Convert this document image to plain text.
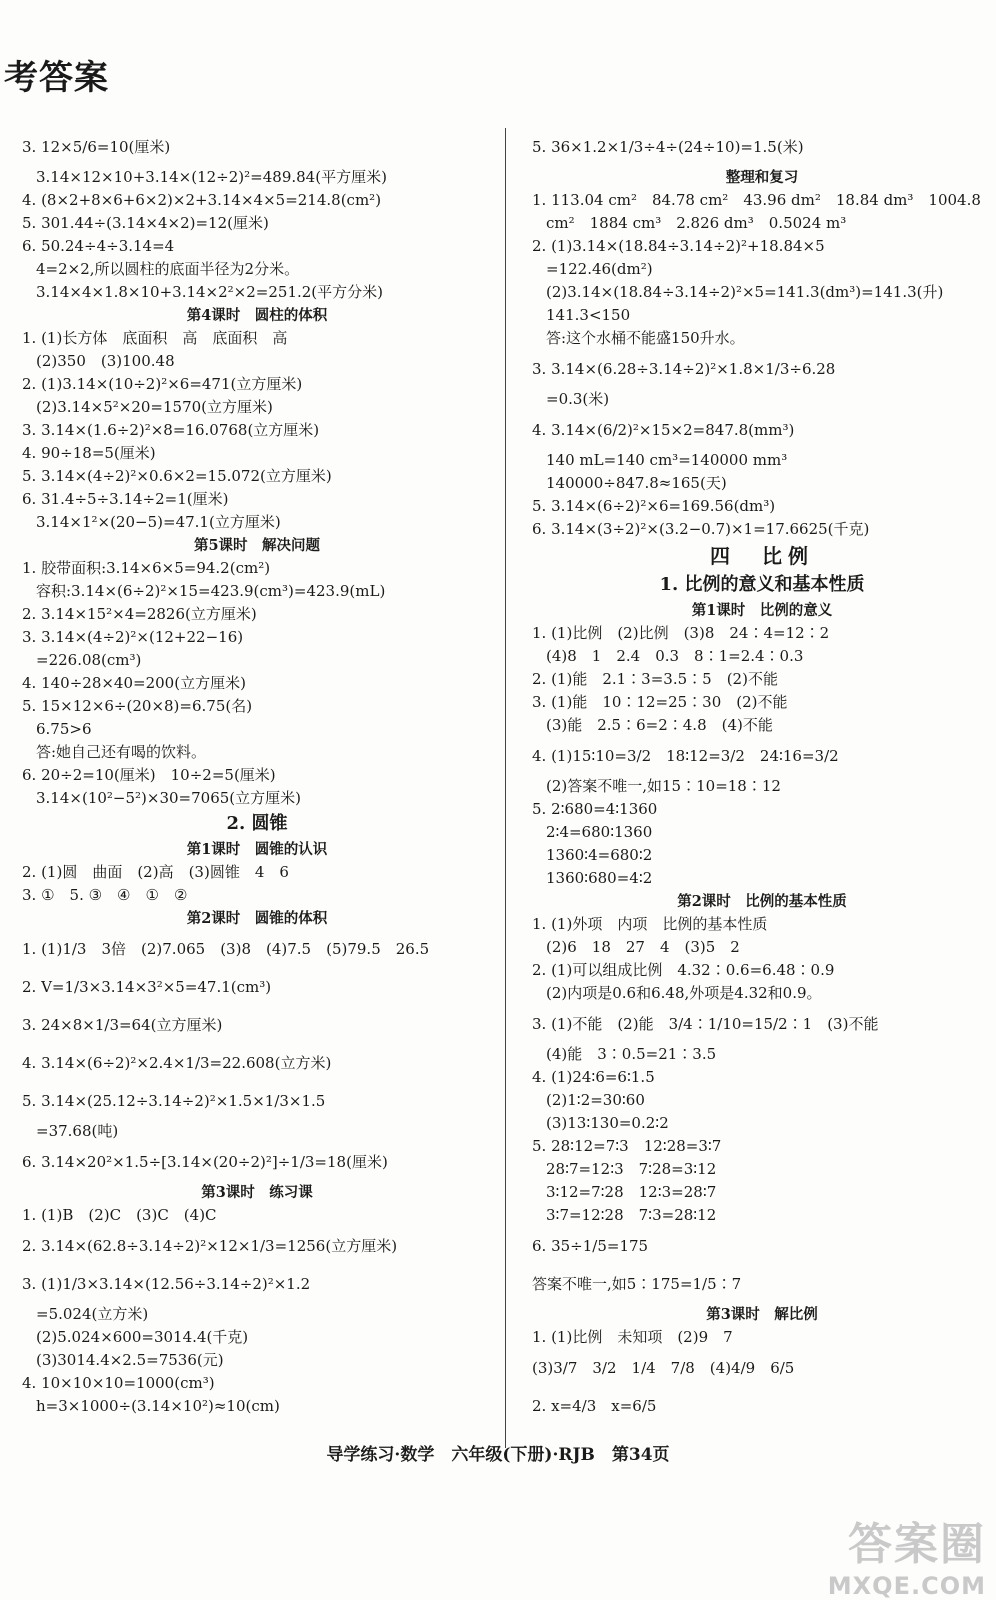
考答案
3. 12×5/6=10(厘米)
3.14×12×10+3.14×(12÷2)²=489.84(平方厘米)
4. (8×2+8×6+6×2)×2+3.14×4×5=214.8(cm²)
5. 301.44÷(3.14×4×2)=12(厘米)
6. 50.24÷4÷3.14=4
4=2×2,所以圆柱的底面半径为2分米。
3.14×4×1.8×10+3.14×2²×2=251.2(平方分米)
第4课时　圆柱的体积
1. (1)长方体　底面积　高　底面积　高
(2)350　(3)100.48
2. (1)3.14×(10÷2)²×6=471(立方厘米)
(2)3.14×5²×20=1570(立方厘米)
3. 3.14×(1.6÷2)²×8=16.0768(立方厘米)
4. 90÷18=5(厘米)
5. 3.14×(4÷2)²×0.6×2=15.072(立方厘米)
6. 31.4÷5÷3.14÷2=1(厘米)
3.14×1²×(20−5)=47.1(立方厘米)
第5课时　解决问题
1. 胶带面积:3.14×6×5=94.2(cm²)
容积:3.14×(6÷2)²×15=423.9(cm³)=423.9(mL)
2. 3.14×15²×4=2826(立方厘米)
3. 3.14×(4÷2)²×(12+22−16)
=226.08(cm³)
4. 140÷28×40=200(立方厘米)
5. 15×12×6÷(20×8)=6.75(名)
6.75>6
答:她自己还有喝的饮料。
6. 20÷2=10(厘米)　10÷2=5(厘米)
3.14×(10²−5²)×30=7065(立方厘米)
2. 圆锥
第1课时　圆锥的认识
2. (1)圆　曲面　(2)高　(3)圆锥　4　6
3. ①　5. ③　④　①　②
第2课时　圆锥的体积
1. (1)1/3　3倍　(2)7.065　(3)8　(4)7.5　(5)79.5　26.5
2. V=1/3×3.14×3²×5=47.1(cm³)
3. 24×8×1/3=64(立方厘米)
4. 3.14×(6÷2)²×2.4×1/3=22.608(立方米)
5. 3.14×(25.12÷3.14÷2)²×1.5×1/3×1.5
=37.68(吨)
6. 3.14×20²×1.5÷[3.14×(20÷2)²]÷1/3=18(厘米)
第3课时　练习课
1. (1)B　(2)C　(3)C　(4)C
2. 3.14×(62.8÷3.14÷2)²×12×1/3=1256(立方厘米)
3. (1)1/3×3.14×(12.56÷3.14÷2)²×1.2
=5.024(立方米)
(2)5.024×600=3014.4(千克)
(3)3014.4×2.5=7536(元)
4. 10×10×10=1000(cm³)
h=3×1000÷(3.14×10²)≈10(cm)
5. 36×1.2×1/3÷4÷(24÷10)=1.5(米)
整理和复习
1. 113.04 cm²　84.78 cm²　43.96 dm²　18.84 dm³　1004.8
cm²　1884 cm³　2.826 dm³　0.5024 m³
2. (1)3.14×(18.84÷3.14÷2)²+18.84×5
=122.46(dm²)
(2)3.14×(18.84÷3.14÷2)²×5=141.3(dm³)=141.3(升)
141.3<150
答:这个水桶不能盛150升水。
3. 3.14×(6.28÷3.14÷2)²×1.8×1/3÷6.28
=0.3(米)
4. 3.14×(6/2)²×15×2=847.8(mm³)
140 mL=140 cm³=140000 mm³
140000÷847.8≈165(天)
5. 3.14×(6÷2)²×6=169.56(dm³)
6. 3.14×(3÷2)²×(3.2−0.7)×1=17.6625(千克)
四　比例
1. 比例的意义和基本性质
第1课时　比例的意义
1. (1)比例　(2)比例　(3)8　24∶4=12∶2
(4)8　1　2.4　0.3　8∶1=2.4∶0.3
2. (1)能　2.1∶3=3.5∶5　(2)不能
3. (1)能　10∶12=25∶30　(2)不能
(3)能　2.5∶6=2∶4.8　(4)不能
4. (1)15∶10=3/2　18∶12=3/2　24∶16=3/2
(2)答案不唯一,如15∶10=18∶12
5. 2∶680=4∶1360
2∶4=680∶1360
1360∶4=680∶2
1360∶680=4∶2
第2课时　比例的基本性质
1. (1)外项　内项　比例的基本性质
(2)6　18　27　4　(3)5　2
2. (1)可以组成比例　4.32∶0.6=6.48∶0.9
(2)内项是0.6和6.48,外项是4.32和0.9。
3. (1)不能　(2)能　3/4∶1/10=15/2∶1　(3)不能
(4)能　3∶0.5=21∶3.5
4. (1)24∶6=6∶1.5
(2)1∶2=30∶60
(3)13∶130=0.2∶2
5. 28∶12=7∶3　12∶28=3∶7
28∶7=12∶3　7∶28=3∶12
3∶12=7∶28　12∶3=28∶7
3∶7=12∶28　7∶3=28∶12
6. 35÷1/5=175
答案不唯一,如5∶175=1/5∶7
第3课时　解比例
1. (1)比例　未知项　(2)9　7
(3)3/7　3/2　1/4　7/8　(4)4/9　6/5
2. x=4/3　x=6/5
导学练习·数学　六年级(下册)·RJB　第34页
答案圈
MXQE.COM
